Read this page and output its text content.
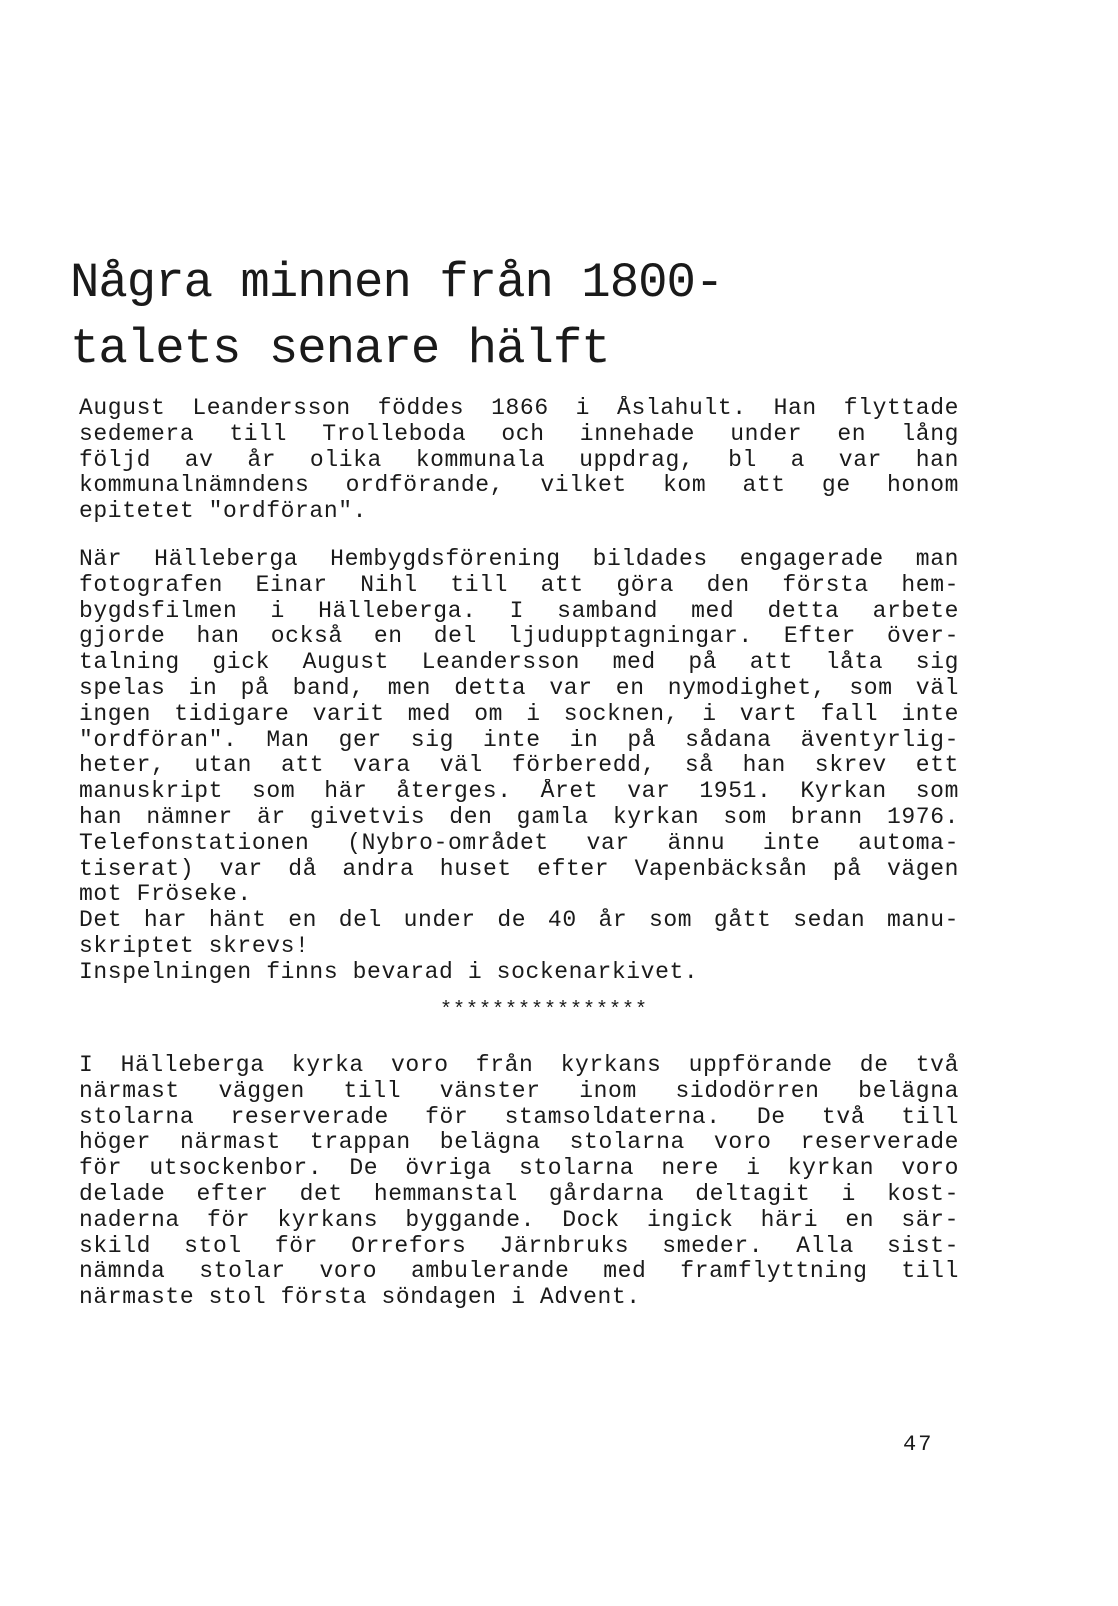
Några minnen från 1800-
talets senare hälft
August Leandersson föddes 1866 i Åslahult. Han flyttade
sedemera till Trolleboda och innehade under en lång
följd av år olika kommunala uppdrag, bl a var han
kommunalnämndens ordförande, vilket kom att ge honom
epitetet "ordföran".
När Hälleberga Hembygdsförening bildades engagerade man
fotografen Einar Nihl till att göra den första hem-
bygdsfilmen i Hälleberga. I samband med detta arbete
gjorde han också en del ljudupptagningar. Efter över-
talning gick August Leandersson med på att låta sig
spelas in på band, men detta var en nymodighet, som väl
ingen tidigare varit med om i socknen, i vart fall inte
"ordföran". Man ger sig inte in på sådana äventyrlig-
heter, utan att vara väl förberedd, så han skrev ett
manuskript som här återges. Året var 1951. Kyrkan som
han nämner är givetvis den gamla kyrkan som brann 1976.
Telefonstationen (Nybro-området var ännu inte automa-
tiserat) var då andra huset efter Vapenbäcksån på vägen
mot Fröseke.
Det har hänt en del under de 40 år som gått sedan manu-
skriptet skrevs!
Inspelningen finns bevarad i sockenarkivet.

****************

I Hälleberga kyrka voro från kyrkans uppförande de två
närmast väggen till vänster inom sidodörren belägna
stolarna reserverade för stamsoldaterna. De två till
höger närmast trappan belägna stolarna voro reserverade
för utsockenbor. De övriga stolarna nere i kyrkan voro
delade efter det hemmanstal gårdarna deltagit i kost-
naderna för kyrkans byggande. Dock ingick häri en sär-
skild stol för Orrefors Järnbruks smeder. Alla sist-
nämnda stolar voro ambulerande med framflyttning till
närmaste stol första söndagen i Advent.

47
